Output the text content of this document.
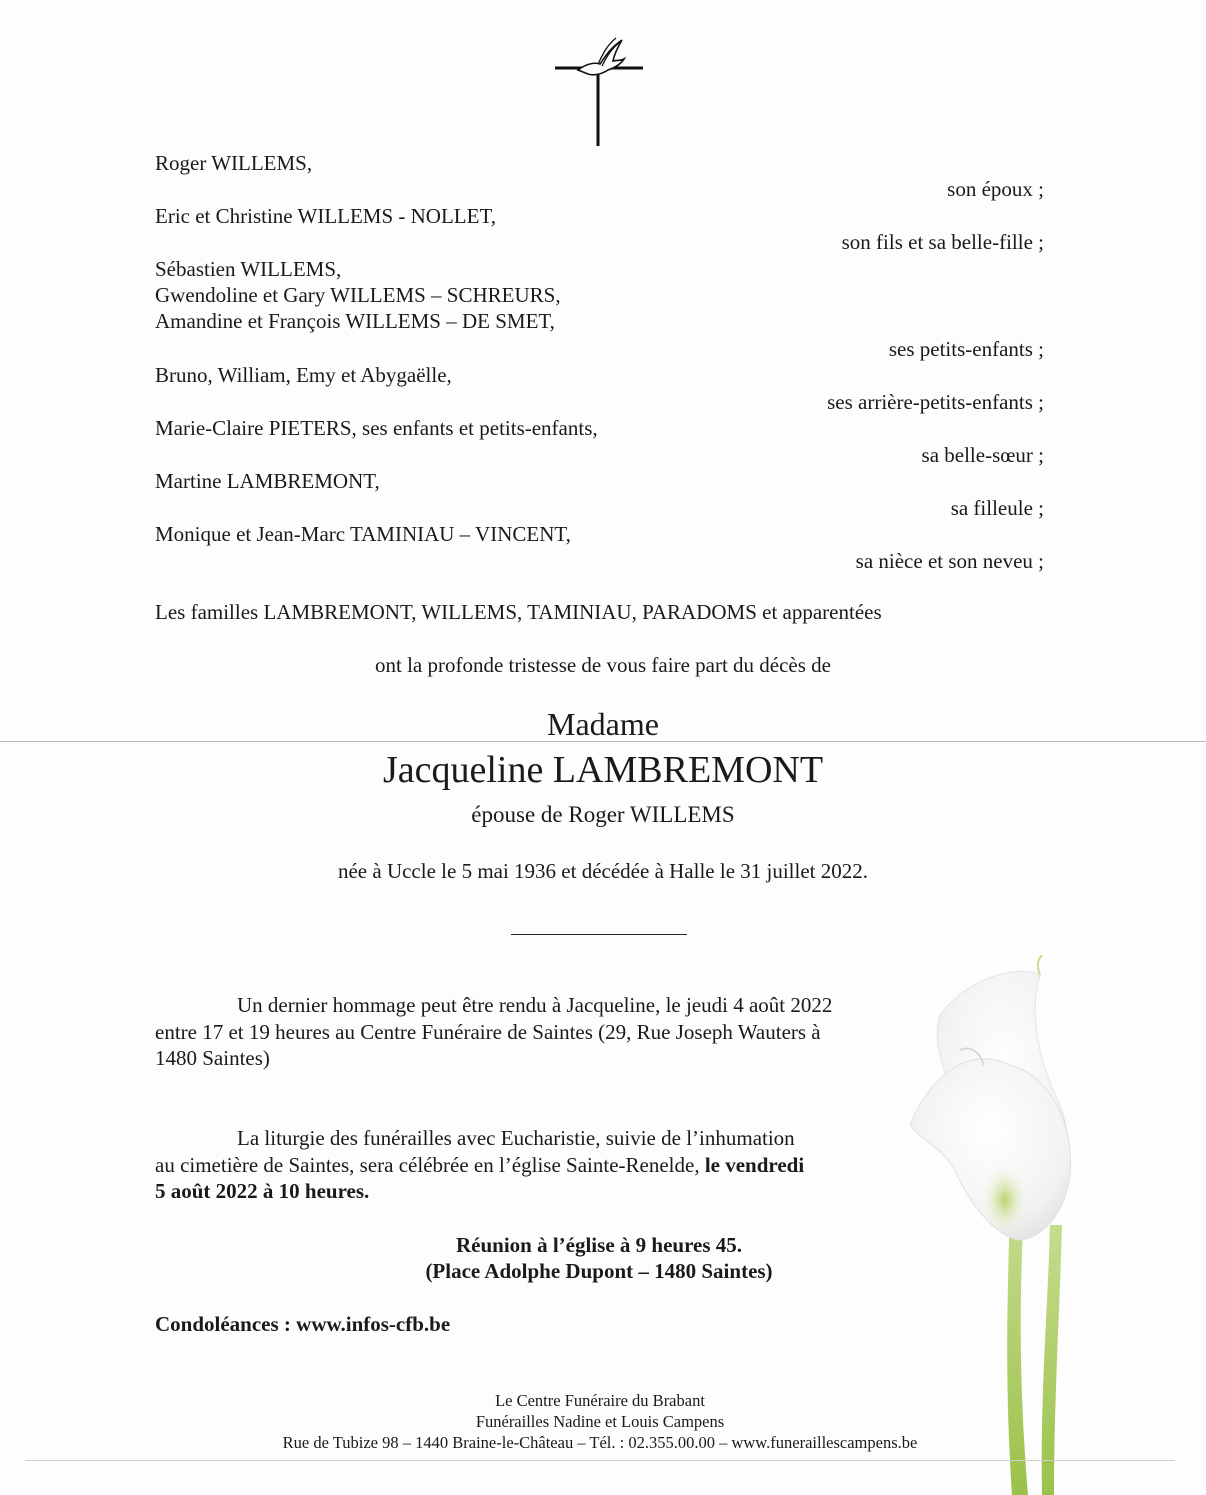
Roger WILLEMS,
son époux ;
Eric et Christine WILLEMS - NOLLET,
son fils et sa belle-fille ;
Sébastien WILLEMS,
Gwendoline et Gary WILLEMS – SCHREURS,
Amandine et François WILLEMS – DE SMET,
ses petits-enfants ;
Bruno, William, Emy et Abygaëlle,
ses arrière-petits-enfants ;
Marie-Claire PIETERS, ses enfants et petits-enfants,
sa belle-sœur ;
Martine LAMBREMONT,
sa filleule ;
Monique et Jean-Marc TAMINIAU – VINCENT,
sa nièce et son neveu ;
Les familles LAMBREMONT, WILLEMS, TAMINIAU, PARADOMS et apparentées
ont la profonde tristesse de vous faire part du décès de
Madame
Jacqueline LAMBREMONT
épouse de Roger WILLEMS
née à Uccle le 5 mai 1936 et décédée à Halle le 31 juillet 2022.
Un dernier hommage peut être rendu à Jacqueline, le jeudi 4 août 2022
entre 17 et 19 heures au Centre Funéraire de Saintes (29, Rue Joseph Wauters à
1480 Saintes)
La liturgie des funérailles avec Eucharistie, suivie de l’inhumation
au cimetière de Saintes, sera célébrée en l’église Sainte-Renelde, le vendredi
5 août 2022 à 10 heures.
Réunion à l’église à 9 heures 45.
(Place Adolphe Dupont – 1480 Saintes)
Condoléances : www.infos-cfb.be
Le Centre Funéraire du Brabant
Funérailles Nadine et Louis Campens
Rue de Tubize 98 – 1440 Braine-le-Château – Tél. : 02.355.00.00 – www.funeraillescampens.be
